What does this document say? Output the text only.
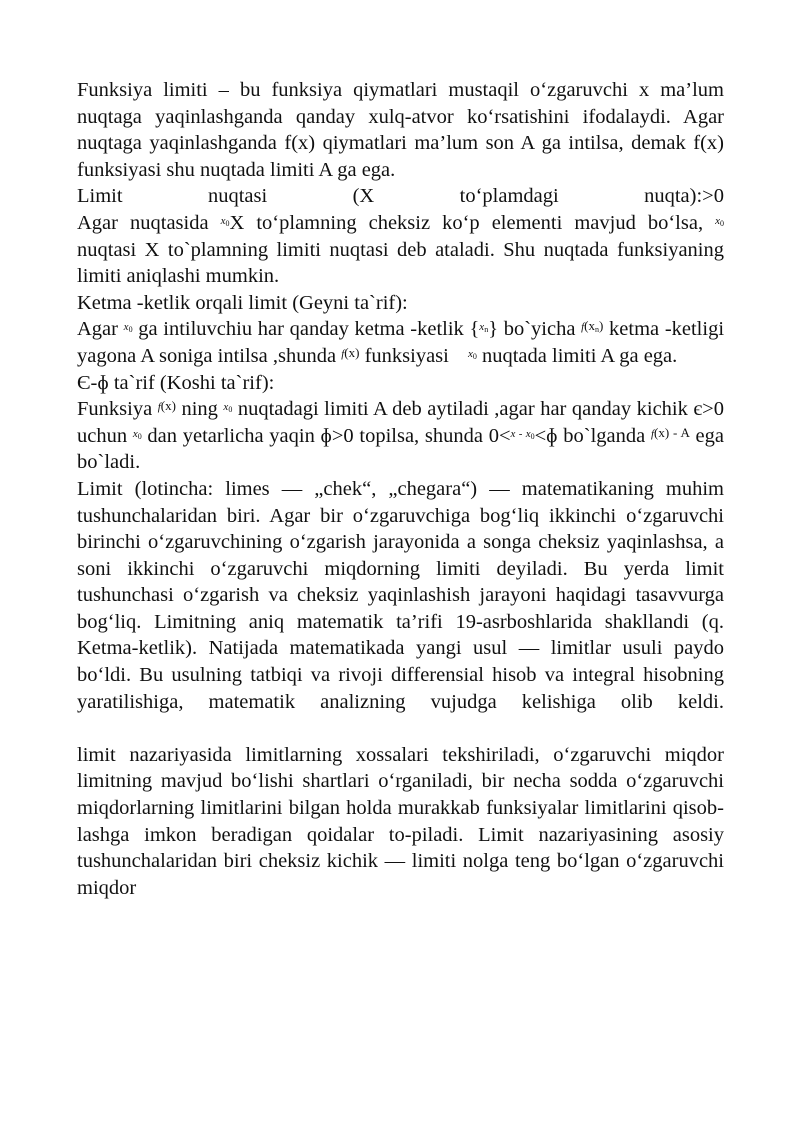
Funksiya limiti – bu funksiya qiymatlari mustaqil o‘zgaruvchi x ma’lum nuqtaga yaqinlashganda qanday xulq-atvor ko‘rsatishini ifodalaydi. Agar nuqtaga yaqinlashganda f(x) qiymatlari ma’lum son A ga intilsa, demak f(x) funksiyasi shu nuqtada limiti A ga ega.

Limit nuqtasi (X to‘plamdagi nuqta):>0

Agar nuqtasida $^{x_0}$X to‘plamning cheksiz ko‘p elementi mavjud bo‘lsa, $^{x_0}$ nuqtasi X to`plamning limiti nuqtasi deb ataladi. Shu nuqtada funksiyaning limiti aniqlashi mumkin.

Ketma -ketlik orqali limit (Geyni ta`rif):

Agar $^{x_0}$ ga intiluvchiu har qanday ketma -ketlik {$^{x_n}$} bo`yicha $^{f(x_n)}$ ketma -ketligi yagona A soniga intilsa ,shunda $^{f(x)}$ funksiyasi $^{x_0}$ nuqtada limiti A ga ega.

Є-ɸ ta`rif (Koshi ta`rif):

Funksiya $^{f(x)}$ ning $^{x_0}$ nuqtadagi limiti A deb aytiladi ,agar har qanday kichik є>0 uchun $^{x_0}$ dan yetarlicha yaqin ɸ>0 topilsa, shunda 0<$^{x - x_0}$<ɸ bo`lganda $^{f(x) - A}$ ega bo`ladi.

Limit (lotincha: limes — „chek“, „chegara“) — matematikaning muhim tushunchalaridan biri. Agar bir o‘zgaruvchiga bog‘liq ikkinchi o‘zgaruvchi birinchi o‘zgaruvchining o‘zgarish jarayonida a songa cheksiz yaqinlashsa, a soni ikkinchi o‘zgaruvchi miqdorning limiti deyiladi. Bu yerda limit tushunchasi o‘zgarish va cheksiz yaqinlashish jarayoni haqidagi tasavvurga bog‘liq. Limitning aniq matematik ta’rifi 19-asrboshlarida shakllandi (q. Ketma-ketlik). Natijada matematikada yangi usul — limitlar usuli paydo bo‘ldi. Bu usulning tatbiqi va rivoji differensial hisob va integral hisobning yaratilishiga, matematik analizning vujudga kelishiga olib keldi.

limit nazariyasida limitlarning xossalari tekshiriladi, o‘zgaruvchi miqdor limitning mavjud bo‘lishi shartlari o‘rganiladi, bir necha sodda o‘zgaruvchi miqdorlarning limitlarini bilgan holda murakkab funksiyalar limitlarini qisob-lashga imkon beradigan qoidalar to-piladi. Limit nazariyasining asosiy tushunchalaridan biri cheksiz kichik — limiti nolga teng bo‘lgan o‘zgaruvchi miqdor
